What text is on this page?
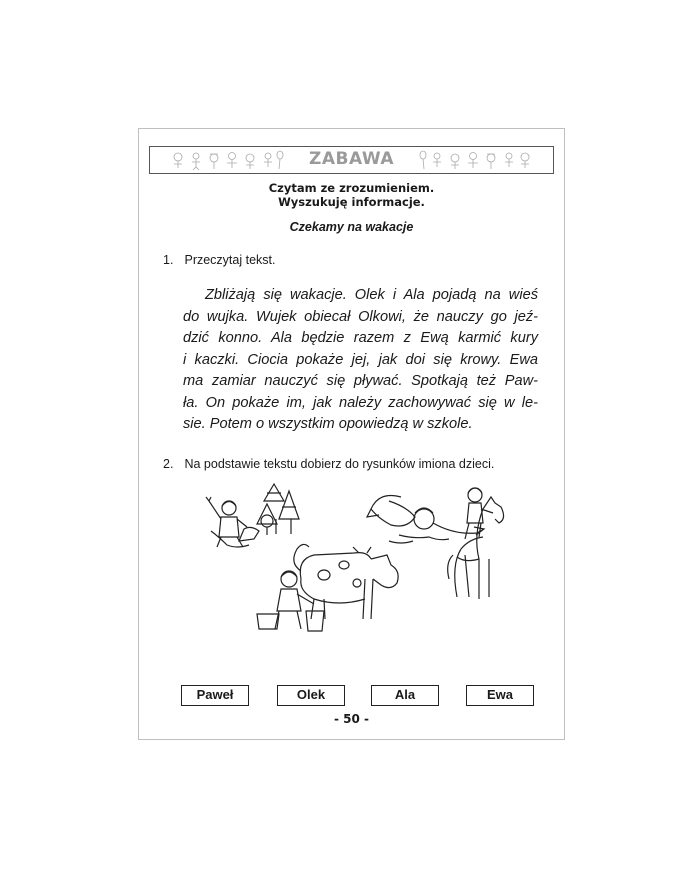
ZABAWA
Czytam ze zrozumieniem.
Wyszukuję informacje.
Czekamy na wakacje
1. Przeczytaj tekst.
Zbliżają się wakacje. Olek i Ala pojadą na wieś
do wujka. Wujek obiecał Olkowi, że nauczy go jeź-
dzić konno. Ala będzie razem z Ewą karmić kury
i kaczki. Ciocia pokaże jej, jak doi się krowy. Ewa
ma zamiar nauczyć się pływać. Spotkają też Paw-
ła. On pokaże im, jak należy zachowywać się w le-
sie. Potem o wszystkim opowiedzą w szkole.
2. Na podstawie tekstu dobierz do rysunków imiona dzieci.
Paweł	Olek	Ala	Ewa
- 50 -
